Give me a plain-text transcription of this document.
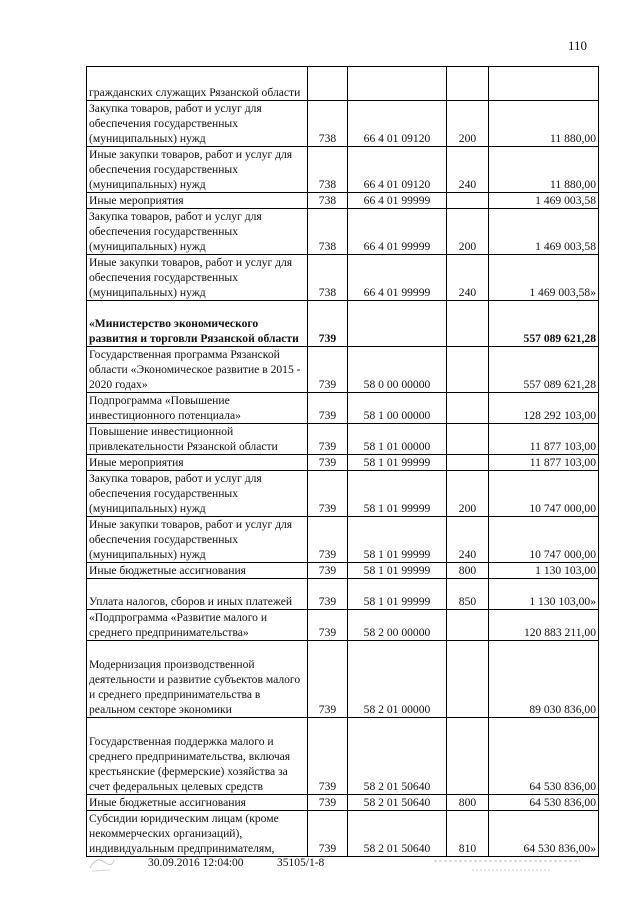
110
гражданских служащих Рязанской области				
Закупка товаров, работ и услуг для обеспечения государственных (муниципальных) нужд	738	66 4 01 09120	200	11 880,00
Иные закупки товаров, работ и услуг для обеспечения государственных (муниципальных) нужд	738	66 4 01 09120	240	11 880,00
Иные мероприятия	738	66 4 01 99999		1 469 003,58
Закупка товаров, работ и услуг для обеспечения государственных (муниципальных) нужд	738	66 4 01 99999	200	1 469 003,58
Иные закупки товаров, работ и услуг для обеспечения государственных (муниципальных) нужд	738	66 4 01 99999	240	1 469 003,58»
«Министерство экономического развития и торговли Рязанской области	739			557 089 621,28
Государственная программа Рязанской области «Экономическое развитие в 2015 - 2020 годах»	739	58 0 00 00000		557 089 621,28
Подпрограмма «Повышение инвестиционного потенциала»	739	58 1 00 00000		128 292 103,00
Повышение инвестиционной привлекательности Рязанской области	739	58 1 01 00000		11 877 103,00
Иные мероприятия	739	58 1 01 99999		11 877 103,00
Закупка товаров, работ и услуг для обеспечения государственных (муниципальных) нужд	739	58 1 01 99999	200	10 747 000,00
Иные закупки товаров, работ и услуг для обеспечения государственных (муниципальных) нужд	739	58 1 01 99999	240	10 747 000,00
Иные бюджетные ассигнования	739	58 1 01 99999	800	1 130 103,00
Уплата налогов, сборов и иных платежей	739	58 1 01 99999	850	1 130 103,00»
«Подпрограмма «Развитие малого и среднего предпринимательства»	739	58 2 00 00000		120 883 211,00
Модернизация производственной деятельности и развитие субъектов малого и среднего предпринимательства в реальном секторе экономики	739	58 2 01 00000		89 030 836,00
Государственная поддержка малого и среднего предпринимательства, включая крестьянские (фермерские) хозяйства за счет федеральных целевых средств	739	58 2 01 50640		64 530 836,00
Иные бюджетные ассигнования	739	58 2 01 50640	800	64 530 836,00
Субсидии юридическим лицам (кроме некоммерческих организаций), индивидуальным предпринимателям,	739	58 2 01 50640	810	64 530 836,00»
30.09.2016 12:04:00	35105/1-8
